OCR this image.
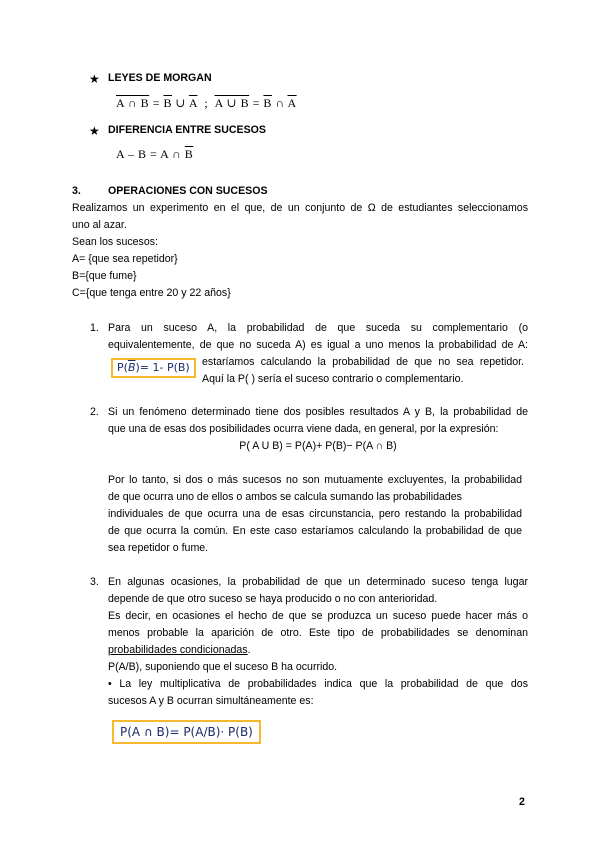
★ LEYES DE MORGAN
A ∩ $B = \overline{B}$ ∪ $\overline{A}$  ;  A ∪ $B = \overline{B}$ ∩ $\overline{A}$
★ DIFERENCIA ENTRE SUCESOS
A – B = A ∩ $\overline{B}$
3.	OPERACIONES CON SUCESOS
Realizamos un experimento en el que, de un conjunto de Ω de estudiantes seleccionamos
uno al azar.
Sean los sucesos:
A= {que sea repetidor}
B={que fume}
C={que tenga entre 20 y 22 años}
1. Para un suceso A, la probabilidad de que suceda su complementario (o
equivalentemente, de que no suceda A) es igual a uno menos la probabilidad de A:
$P(\overline{B})= 1-$ P(B)	estaríamos calculando la probabilidad de que no sea repetidor.
Aquí la P( ) sería el suceso contrario o complementario.
2. Si un fenómeno determinado tiene dos posibles resultados A y B, la probabilidad de
que una de esas dos posibilidades ocurra viene dada, en general, por la expresión:
P( A U B) = P(A)+ P(B)− P(A ∩ B)
Por lo tanto, si dos o más sucesos no son mutuamente excluyentes, la probabilidad
de que ocurra uno de ellos o ambos se calcula sumando las probabilidades
individuales de que ocurra una de esas circunstancia, pero restando la probabilidad
de que ocurra la común. En este caso estaríamos calculando la probabilidad de que
sea repetidor o fume.
3. En algunas ocasiones, la probabilidad de que un determinado suceso tenga lugar
depende de que otro suceso se haya producido o no con anterioridad.
Es decir, en ocasiones el hecho de que se produzca un suceso puede hacer más o
menos probable la aparición de otro. Este tipo de probabilidades se denominan
probabilidades condicionadas.
P(A/B), suponiendo que el suceso B ha ocurrido.
• La ley multiplicativa de probabilidades indica que la probabilidad de que dos
sucesos A y B ocurran simultáneamente es:
P(A ∩ B)= P(A/B)· P(B)
2
